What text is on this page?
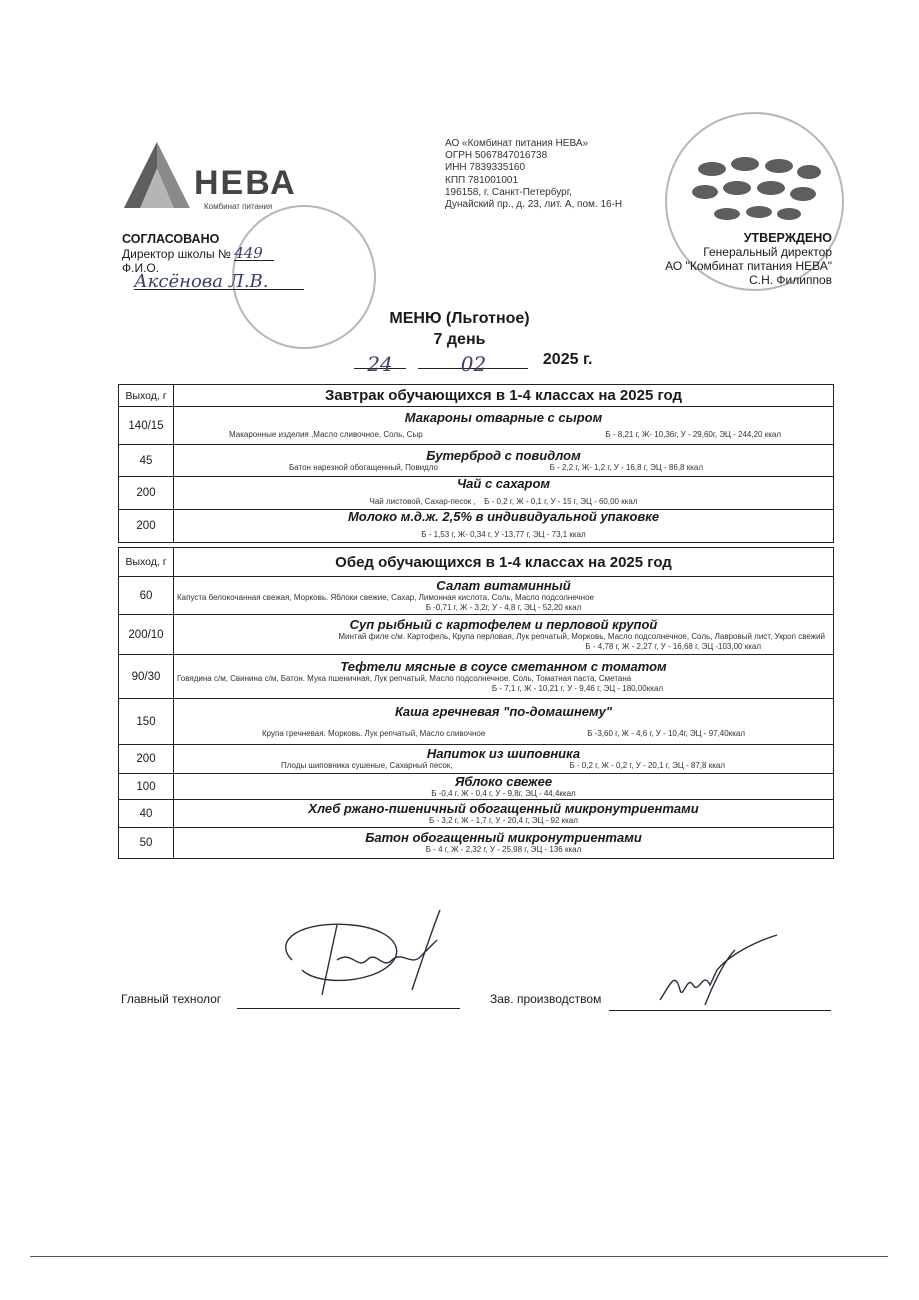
НЕВА
Комбинат питания
АО «Комбинат питания НЕВА»
ОГРН 5067847016738
ИНН 7839335160
КПП 781001001
196158, г. Санкт-Петербург,
Дунайский пр., д. 23, лит. А, пом. 16-Н
СОГЛАСОВАНО
Директор школы № 449
Ф.И.О.
Аксёнова Л.В.
УТВЕРЖДЕНО
Генеральный директор
АО "Комбинат питания НЕВА"
С.Н. Филиппов
МЕНЮ (Льготное)
7 день
24	02	2025 г.
Выход, г	Завтрак обучающихся в 1-4 классах на 2025 год
140/15	Макароны отварные с сыром
Макаронные изделия ,Масло сливочное, Соль, Сыр Б - 8,21 г, Ж- 10,36г, У - 29,60г, ЭЦ - 244,20 ккал

45	Бутерброд с повидлом
Батон нарезной обогащенный, Повидло Б - 2,2 г, Ж- 1,2 г, У - 16,8 г, ЭЦ - 86,8 ккал

200	Чай с сахаром
Чай листовой, Сахар-песок , Б - 0,2 г, Ж - 0,1 г, У - 15 г, ЭЦ - 60,00 ккал

200	Молоко м.д.ж. 2,5% в индивидуальной упаковке
Б - 1,53 г, Ж- 0,34 г, У -13,77 г, ЭЦ - 73,1 ккал
Выход, г	Обед обучающихся в 1-4 классах на 2025 год
60	Салат витаминный
Капуста белокочанная свежая, Морковь. Яблоки свежие, Сахар, Лимонная кислота. Соль, Масло подсолнечное
Б -0,71 г, Ж - 3,2г, У - 4,8 г, ЭЦ - 52,20 ккал

200/10	Суп рыбный с картофелем и перловой крупой
Минтай филе с/м. Картофель, Крупа перловая, Лук репчатый, Морковь, Масло подсолнечное, Соль, Лавровый лист, Укроп свежий
Б - 4,78 г, Ж - 2,27 г, У - 16,68 г, ЭЦ -103,00 ккал

90/30	Тефтели мясные в соусе сметанном с томатом
Говядина с/м, Свинина с/м, Батон. Мука пшеничная, Лук репчатый, Масло подсолнечное. Соль, Томатная паста, Сметана
Б - 7,1 г, Ж - 10,21 г, У - 9,46 г, ЭЦ - 180,00ккал

150	Каша гречневая "по-домашнему"
Крупа гречневая. Морковь. Лук репчатый, Масло сливочное Б -3,60 г, Ж - 4,6 г, У - 10,4г, ЭЦ - 97,40ккал

200	Напиток из шиповника
Плоды шиповника сушеные, Сахарный песок, Б - 0,2 г, Ж - 0,2 г, У - 20,1 г, ЭЦ - 87,8 ккал

100	Яблоко свежее
Б -0,4 г, Ж - 0,4 г, У - 9,8г, ЭЦ - 44,4ккал

40	Хлеб ржано-пшеничный обогащенный микронутриентами
Б - 3,2 г, Ж - 1,7 г, У - 20,4 г, ЭЦ - 92 ккал

50	Батон обогащенный микронутриентами
Б - 4 г, Ж - 2,32 г, У - 25,98 г, ЭЦ - 136 ккал
Главный технолог	Зав. производством
